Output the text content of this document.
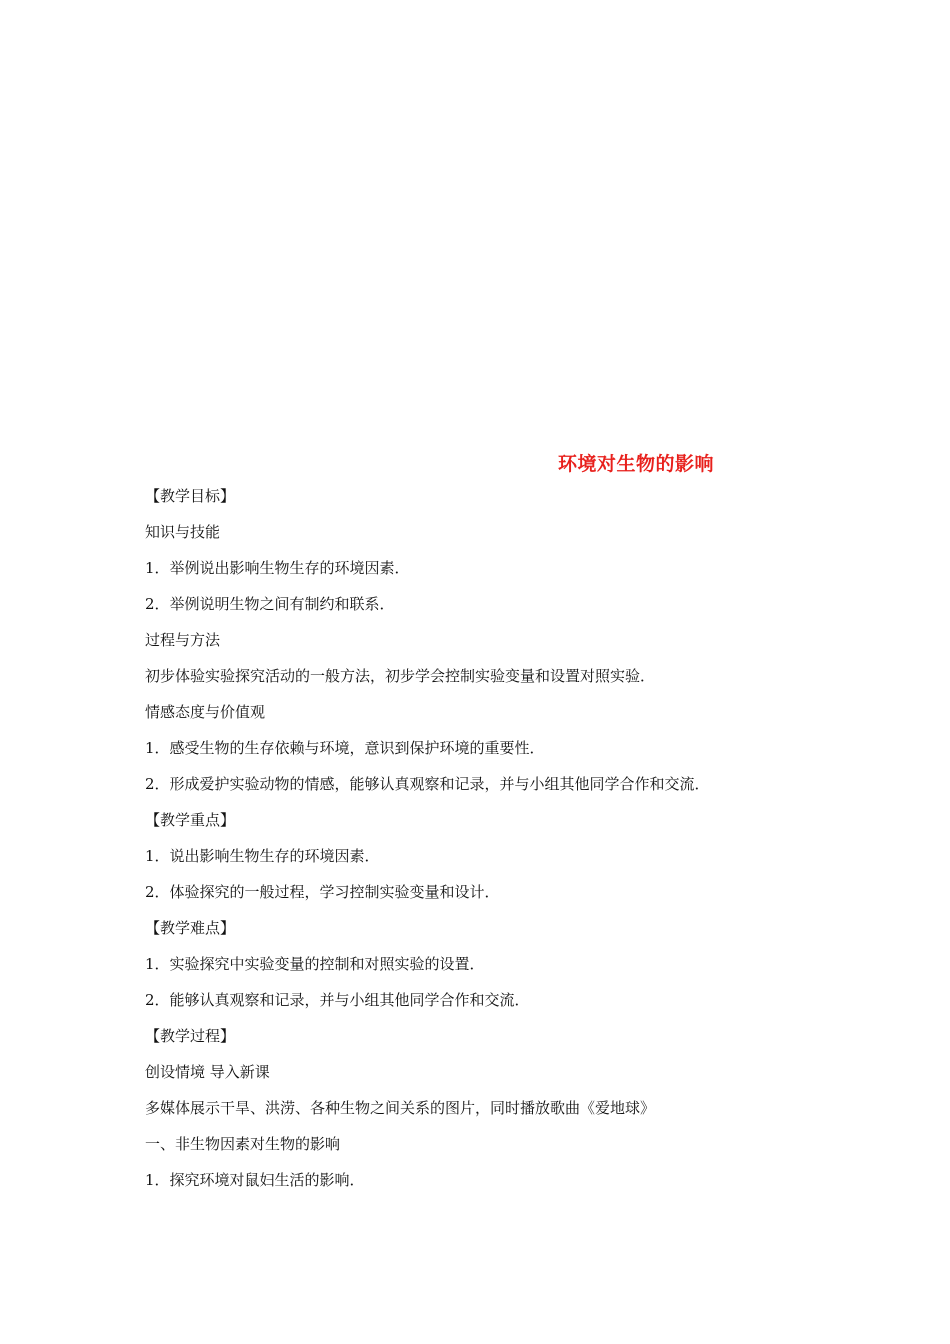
环境对生物的影响
【教学目标】
知识与技能
1．举例说出影响生物生存的环境因素．
2．举例说明生物之间有制约和联系．
过程与方法
初步体验实验探究活动的一般方法，初步学会控制实验变量和设置对照实验．
情感态度与价值观
1．感受生物的生存依赖与环境，意识到保护环境的重要性．
2．形成爱护实验动物的情感，能够认真观察和记录，并与小组其他同学合作和交流．
【教学重点】
1．说出影响生物生存的环境因素．
2．体验探究的一般过程，学习控制实验变量和设计．
【教学难点】
1．实验探究中实验变量的控制和对照实验的设置．
2．能够认真观察和记录，并与小组其他同学合作和交流．
【教学过程】
创设情境 导入新课
多媒体展示干旱、洪涝、各种生物之间关系的图片，同时播放歌曲《爱地球》
一、非生物因素对生物的影响
1．探究环境对鼠妇生活的影响．
